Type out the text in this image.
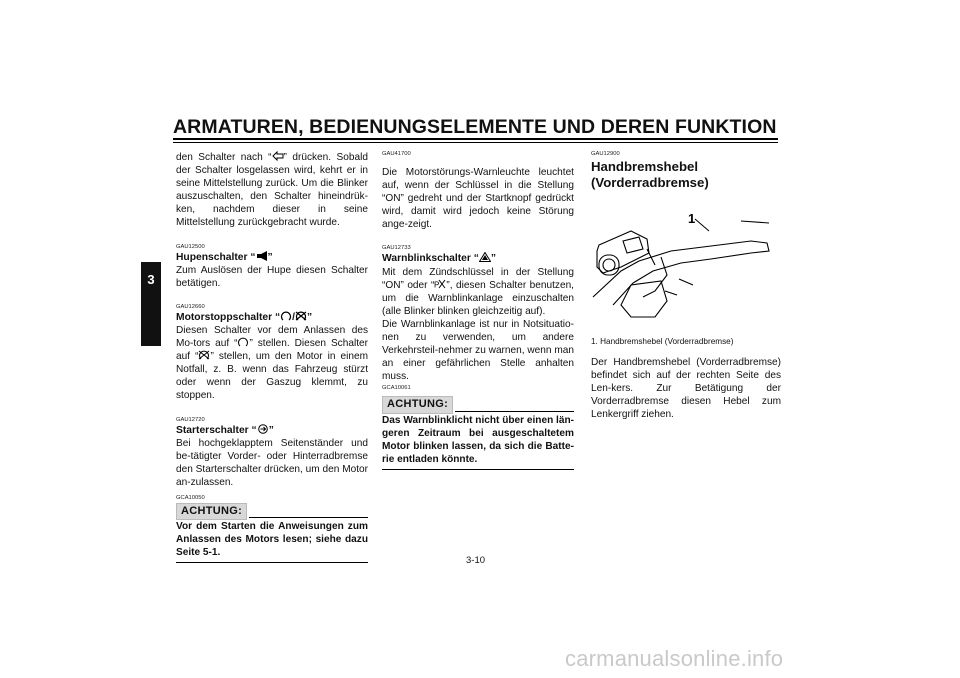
ARMATUREN, BEDIENUNGSELEMENTE UND DEREN FUNKTION
3

den Schalter nach “ ” drücken. Sobald der Schalter losgelassen wird, kehrt er in seine Mittelstellung zurück. Um die Blinker auszuschalten, den Schalter hineindrük-ken, nachdem dieser in seine Mittelstellung zurückgebracht wurde.

GAU12500

Hupenschalter “ ”

Zum Auslösen der Hupe diesen Schalter betätigen.

GAU12660

Motorstoppschalter “ / ”

Diesen Schalter vor dem Anlassen des Mo-tors auf “ ” stellen. Diesen Schalter auf “ ” stellen, um den Motor in einem Notfall, z. B. wenn das Fahrzeug stürzt oder wenn der Gaszug klemmt, zu stoppen.

GAU12720

Starterschalter “ ”

Bei hochgeklapptem Seitenständer und be-tätigter Vorder- oder Hinterradbremse den Starterschalter drücken, um den Motor an-zulassen.

GCA10050

ACHTUNG:

Vor dem Starten die Anweisungen zum Anlassen des Motors lesen; siehe dazu Seite 5-1.

GAU41700

Die Motorstörungs-Warnleuchte leuchtet auf, wenn der Schlüssel in die Stellung “ON” gedreht und der Startknopf gedrückt wird, damit wird jedoch keine Störung ange-zeigt.

GAU12733

Warnblinkschalter “ ”

Mit dem Zündschlüssel in der Stellung “ON” oder “ P ”, diesen Schalter benutzen, um die Warnblinkanlage einzuschalten (alle Blinker blinken gleichzeitig auf).

Die Warnblinkanlage ist nur in Notsituatio-nen zu verwenden, um andere Verkehrsteil-nehmer zu warnen, wenn man an einer gefährlichen Stelle anhalten muss.

GCA10061

ACHTUNG:

Das Warnblinklicht nicht über einen län-geren Zeitraum bei ausgeschaltetem Motor blinken lassen, da sich die Batte-rie entladen könnte.

GAU12900

Handbremshebel (Vorderradbremse)

1

1. Handbremshebel (Vorderradbremse)

Der Handbremshebel (Vorderradbremse) befindet sich auf der rechten Seite des Len-kers. Zur Betätigung der Vorderradbremse diesen Hebel zum Lenkergriff ziehen.

3-10
carmanualsonline.info
